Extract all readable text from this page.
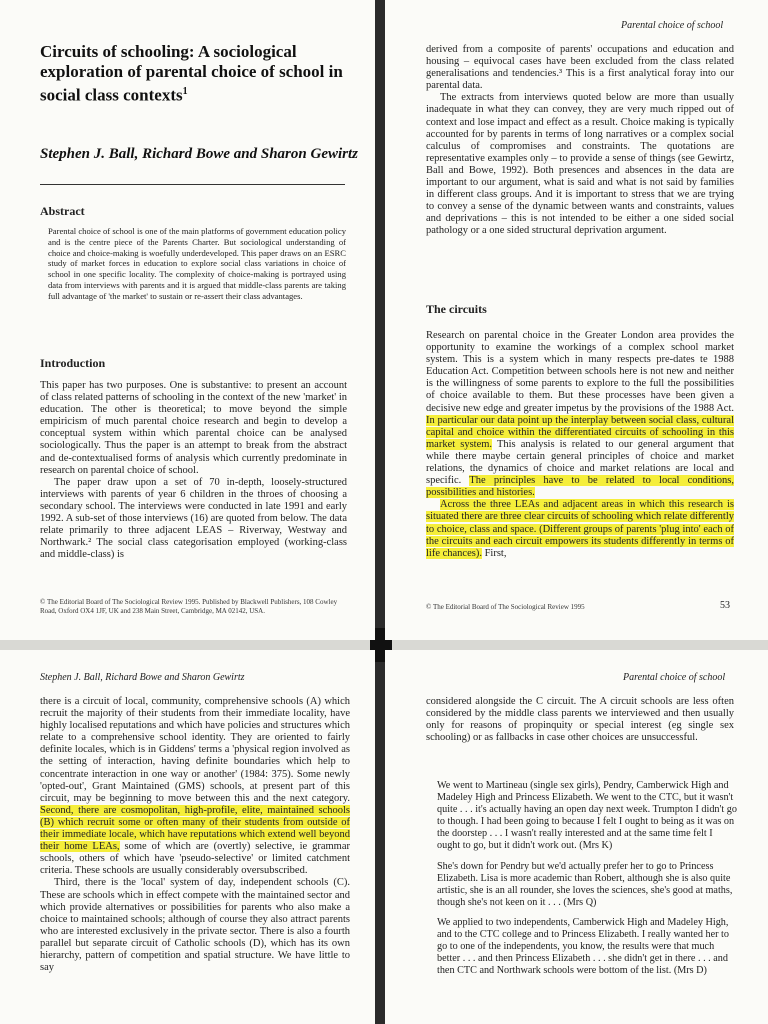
Circuits of schooling: A sociological exploration of parental choice of school in social class contexts$^1$
Stephen J. Ball, Richard Bowe and Sharon Gewirtz
Abstract
Parental choice of school is one of the main platforms of government education policy and is the centre piece of the Parents Charter. But sociological understanding of choice and choice-making is woefully underdeveloped. This paper draws on an ESRC study of market forces in education to explore social class variations in choice of school in one specific locality. The complexity of choice-making is portrayed using data from interviews with parents and it is argued that middle-class parents are taking full advantage of 'the market' to sustain or re-assert their class advantages.
Introduction

This paper has two purposes. One is substantive: to present an account of class related patterns of schooling in the context of the new 'market' in education. The other is theoretical; to move beyond the simple empiricism of much parental choice research and begin to develop a conceptual system within which parental choice can be analysed sociologically. Thus the paper is an attempt to break from the abstract and de-contextualised forms of analysis which currently predominate in research on parental choice of school.

The paper draw upon a set of 70 in-depth, loosely-structured interviews with parents of year 6 children in the throes of choosing a secondary school. The interviews were conducted in late 1991 and early 1992. A sub-set of those interviews (16) are quoted from below. The data relate primarily to three adjacent LEAS – Riverway, Westway and Northwark.² The social class categorisation employed (working-class and middle-class) is

© The Editorial Board of The Sociological Review 1995. Published by Blackwell Publishers, 108 Cowley Road, Oxford OX4 1JF, UK and 238 Main Street, Cambridge, MA 02142, USA.
Parental choice of school

derived from a composite of parents' occupations and education and housing – equivocal cases have been excluded from the class related generalisations and tendencies.³ This is a first analytical foray into our parental data.

The extracts from interviews quoted below are more than usually inadequate in what they can convey, they are very much ripped out of context and lose impact and effect as a result. Choice making is typically accounted for by parents in terms of long narratives or a complex social calculus of compromises and constraints. The quotations are representative examples only – to provide a sense of things (see Gewirtz, Ball and Bowe, 1992). Both presences and absences in the data are important to our argument, what is said and what is not said by families in different class groups. And it is important to stress that we are trying to convey a sense of the dynamic between wants and constraints, values and deprivations – this is not intended to be either a one sided social pathology or a one sided structural deprivation argument.

Research on parental choice in the Greater London area provides the opportunity to examine the workings of a complex school market system. This is a system which in many respects pre-dates te 1988 Education Act. Competition between schools here is not new and neither is the willingness of some parents to explore to the full the possibilities of choice available to them. But these processes have been given a decisive new edge and greater impetus by the provisions of the 1988 Act. In particular our data point up the interplay between social class, cultural capital and choice within the differentiated circuits of schooling in this market system. This analysis is related to our general argument that while there maybe certain general principles of choice and market relations, the dynamics of choice and market relations are local and specific. The principles have to be related to local conditions, possibilities and histories.

Across the three LEAs and adjacent areas in which this research is situated there are three clear circuits of schooling which relate differently to choice, class and space. (Different groups of parents 'plug into' each of the circuits and each circuit empowers its students differently in terms of life chances). First,

53
The circuits
© The Editorial Board of The Sociological Review 1995
Stephen J. Ball, Richard Bowe and Sharon Gewirtz

there is a circuit of local, community, comprehensive schools (A) which recruit the majority of their students from their immediate locality, have highly localised reputations and which have policies and structures which relate to a comprehensive school identity. They are oriented to fairly definite locales, which is in Giddens' terms a 'physical region involved as the setting of interaction, having definite boundaries which help to concentrate interaction in one way or another' (1984: 375). Some newly 'opted-out', Grant Maintained (GMS) schools, at present part of this circuit, may be beginning to move between this and the next category. Second, there are cosmopolitan, high-profile, elite, maintained schools (B) which recruit some or often many of their students from outside of their immediate locale, which have reputations which extend well beyond their home LEAs, some of which are (overtly) selective, ie grammar schools, others of which have 'pseudo-selective' or limited catchment criteria. These schools are usually considerably oversubscribed.

Third, there is the 'local' system of day, independent schools (C). These are schools which in effect compete with the maintained sector and which provide alternatives or possibilities for parents who also make a choice to maintained schools; although of course they also attract parents who are interested exclusively in the private sector. There is also a fourth parallel but separate circuit of Catholic schools (D), which has its own hierarchy, pattern of competition and spatial structure. We have little to say

Parental choice of school

considered alongside the C circuit. The A circuit schools are less often considered by the middle class parents we interviewed and then usually only for reasons of propinquity or special interest (eg single sex schooling) or as fallbacks in case other choices are unsuccessful.

We went to Martineau (single sex girls), Pendry, Camberwick High and Madeley High and Princess Elizabeth. We went to the CTC, but it wasn't quite . . . it's actually having an open day next week. Trumpton I didn't go to though. I had been going to because I felt I ought to being as it was on the doorstep . . . I wasn't really interested and at the same time felt I ought to go, but it didn't work out. (Mrs K)

She's down for Pendry but we'd actually prefer her to go to Princess Elizabeth. Lisa is more academic than Robert, although she is also quite artistic, she is an all rounder, she loves the sciences, she's good at maths, though she's not keen on it . . . (Mrs Q)

We applied to two independents, Camberwick High and Madeley High, and to the CTC college and to Princess Elizabeth. I really wanted her to go to one of the independents, you know, the results were that much better . . . and then Princess Elizabeth . . . she didn't get in there . . . and then CTC and Northwark schools were bottom of the list. (Mrs D)
